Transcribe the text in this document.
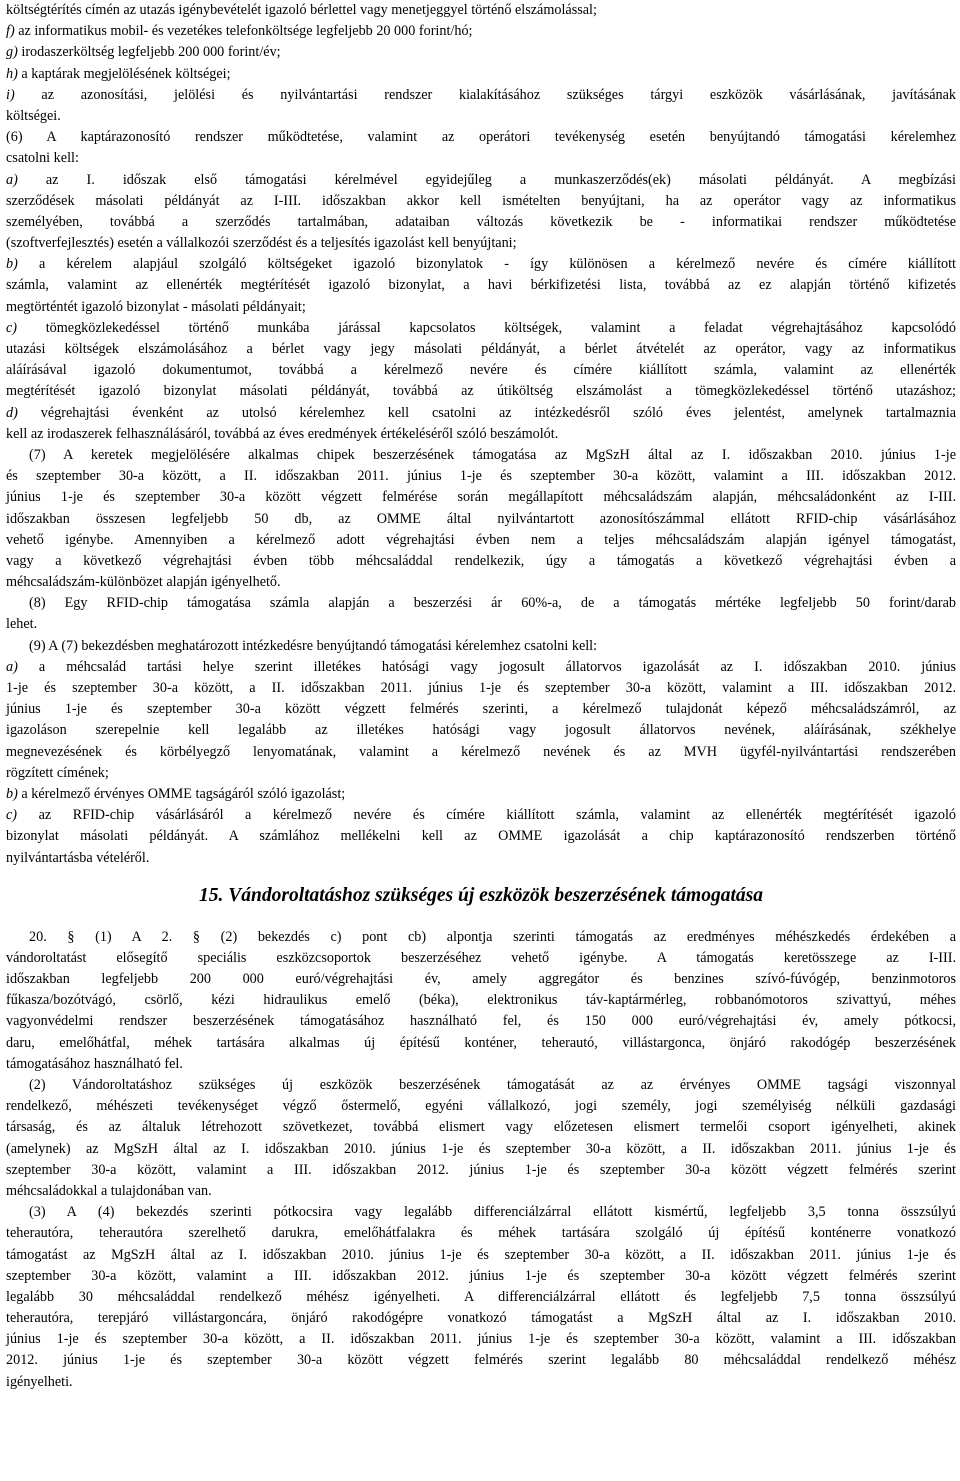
költségtérítés címén az utazás igénybevételét igazoló bérlettel vagy menetjeggyel történő elszámolással;
f) az informatikus mobil- és vezetékes telefonköltsége legfeljebb 20 000 forint/hó;
g) irodaszerköltség legfeljebb 200 000 forint/év;
h) a kaptárak megjelölésének költségei;
i) az azonosítási, jelölési és nyilvántartási rendszer kialakításához szükséges tárgyi eszközök vásárlásának, javításának
költségei.
(6) A kaptárazonosító rendszer működtetése, valamint az operátori tevékenység esetén benyújtandó támogatási kérelemhez
csatolni kell:
a) az I. időszak első támogatási kérelmével egyidejűleg a munkaszerződés(ek) másolati példányát. A megbízási
szerződések másolati példányát az I-III. időszakban akkor kell ismételten benyújtani, ha az operátor vagy az informatikus
személyében, továbbá a szerződés tartalmában, adataiban változás következik be - informatikai rendszer működtetése
(szoftverfejlesztés) esetén a vállalkozói szerződést és a teljesítés igazolást kell benyújtani;
b) a kérelem alapjául szolgáló költségeket igazoló bizonylatok - így különösen a kérelmező nevére és címére kiállított
számla, valamint az ellenérték megtérítését igazoló bizonylat, a havi bérkifizetési lista, továbbá az ez alapján történő kifizetés
megtörténtét igazoló bizonylat - másolati példányait;
c) tömegközlekedéssel történő munkába járással kapcsolatos költségek, valamint a feladat végrehajtásához kapcsolódó
utazási költségek elszámolásához a bérlet vagy jegy másolati példányát, a bérlet átvételét az operátor, vagy az informatikus
aláírásával igazoló dokumentumot, továbbá a kérelmező nevére és címére kiállított számla, valamint az ellenérték
megtérítését igazoló bizonylat másolati példányát, továbbá az útiköltség elszámolást a tömegközlekedéssel történő utazáshoz;
d) végrehajtási évenként az utolsó kérelemhez kell csatolni az intézkedésről szóló éves jelentést, amelynek tartalmaznia
kell az irodaszerek felhasználásáról, továbbá az éves eredmények értékeléséről szóló beszámolót.
(7) A keretek megjelölésére alkalmas chipek beszerzésének támogatása az MgSzH által az I. időszakban 2010. június 1-je
és szeptember 30-a között, a II. időszakban 2011. június 1-je és szeptember 30-a között, valamint a III. időszakban 2012.
június 1-je és szeptember 30-a között végzett felmérése során megállapított méhcsaládszám alapján, méhcsaládonként az I-III.
időszakban összesen legfeljebb 50 db, az OMME által nyilvántartott azonosítószámmal ellátott RFID-chip vásárlásához
vehető igénybe. Amennyiben a kérelmező adott végrehajtási évben nem a teljes méhcsaládszám alapján igényel támogatást,
vagy a következő végrehajtási évben több méhcsaláddal rendelkezik, úgy a támogatás a következő végrehajtási évben a
méhcsaládszám-különbözet alapján igényelhető.
(8) Egy RFID-chip támogatása számla alapján a beszerzési ár 60%-a, de a támogatás mértéke legfeljebb 50 forint/darab
lehet.
(9) A (7) bekezdésben meghatározott intézkedésre benyújtandó támogatási kérelemhez csatolni kell:
a) a méhcsalád tartási helye szerint illetékes hatósági vagy jogosult állatorvos igazolását az I. időszakban 2010. június
1-je és szeptember 30-a között, a II. időszakban 2011. június 1-je és szeptember 30-a között, valamint a III. időszakban 2012.
június 1-je és szeptember 30-a között végzett felmérés szerinti, a kérelmező tulajdonát képező méhcsaládszámról, az
igazoláson szerepelnie kell legalább az illetékes hatósági vagy jogosult állatorvos nevének, aláírásának, székhelye
megnevezésének és körbélyegző lenyomatának, valamint a kérelmező nevének és az MVH ügyfél-nyilvántartási rendszerében
rögzített címének;
b) a kérelmező érvényes OMME tagságáról szóló igazolást;
c) az RFID-chip vásárlásáról a kérelmező nevére és címére kiállított számla, valamint az ellenérték megtérítését igazoló
bizonylat másolati példányát. A számlához mellékelni kell az OMME igazolását a chip kaptárazonosító rendszerben történő
nyilvántartásba vételéről.
15. Vándoroltatáshoz szükséges új eszközök beszerzésének támogatása
20. § (1) A 2. § (2) bekezdés c) pont cb) alpontja szerinti támogatás az eredményes méhészkedés érdekében a
vándoroltatást elősegítő speciális eszközcsoportok beszerzéséhez vehető igénybe. A támogatás keretösszege az I-III.
időszakban legfeljebb 200 000 euró/végrehajtási év, amely aggregátor és benzines szívó-fúvógép, benzinmotoros
fűkasza/bozótvágó, csörlő, kézi hidraulikus emelő (béka), elektronikus táv-kaptármérleg, robbanómotoros szivattyú, méhes
vagyonvédelmi rendszer beszerzésének támogatásához használható fel, és 150 000 euró/végrehajtási év, amely pótkocsi,
daru, emelőhátfal, méhek tartására alkalmas új építésű konténer, teherautó, villástargonca, önjáró rakodógép beszerzésének
támogatásához használható fel.
(2) Vándoroltatáshoz szükséges új eszközök beszerzésének támogatását az az érvényes OMME tagsági viszonnyal
rendelkező, méhészeti tevékenységet végző őstermelő, egyéni vállalkozó, jogi személy, jogi személyiség nélküli gazdasági
társaság, és az általuk létrehozott szövetkezet, továbbá elismert vagy előzetesen elismert termelői csoport igényelheti, akinek
(amelynek) az MgSzH által az I. időszakban 2010. június 1-je és szeptember 30-a között, a II. időszakban 2011. június 1-je és
szeptember 30-a között, valamint a III. időszakban 2012. június 1-je és szeptember 30-a között végzett felmérés szerint
méhcsaládokkal a tulajdonában van.
(3) A (4) bekezdés szerinti pótkocsira vagy legalább differenciálzárral ellátott kismértű, legfeljebb 3,5 tonna összsúlyú
teherautóra, teherautóra szerelhető darukra, emelőhátfalakra és méhek tartására szolgáló új építésű konténerre vonatkozó
támogatást az MgSzH által az I. időszakban 2010. június 1-je és szeptember 30-a között, a II. időszakban 2011. június 1-je és
szeptember 30-a között, valamint a III. időszakban 2012. június 1-je és szeptember 30-a között végzett felmérés szerint
legalább 30 méhcsaláddal rendelkező méhész igényelheti. A differenciálzárral ellátott és legfeljebb 7,5 tonna összsúlyú
teherautóra, terepjáró villástargoncára, önjáró rakodógépre vonatkozó támogatást a MgSzH által az I. időszakban 2010.
június 1-je és szeptember 30-a között, a II. időszakban 2011. június 1-je és szeptember 30-a között, valamint a III. időszakban
2012. június 1-je és szeptember 30-a között végzett felmérés szerint legalább 80 méhcsaláddal rendelkező méhész
igényelheti.
